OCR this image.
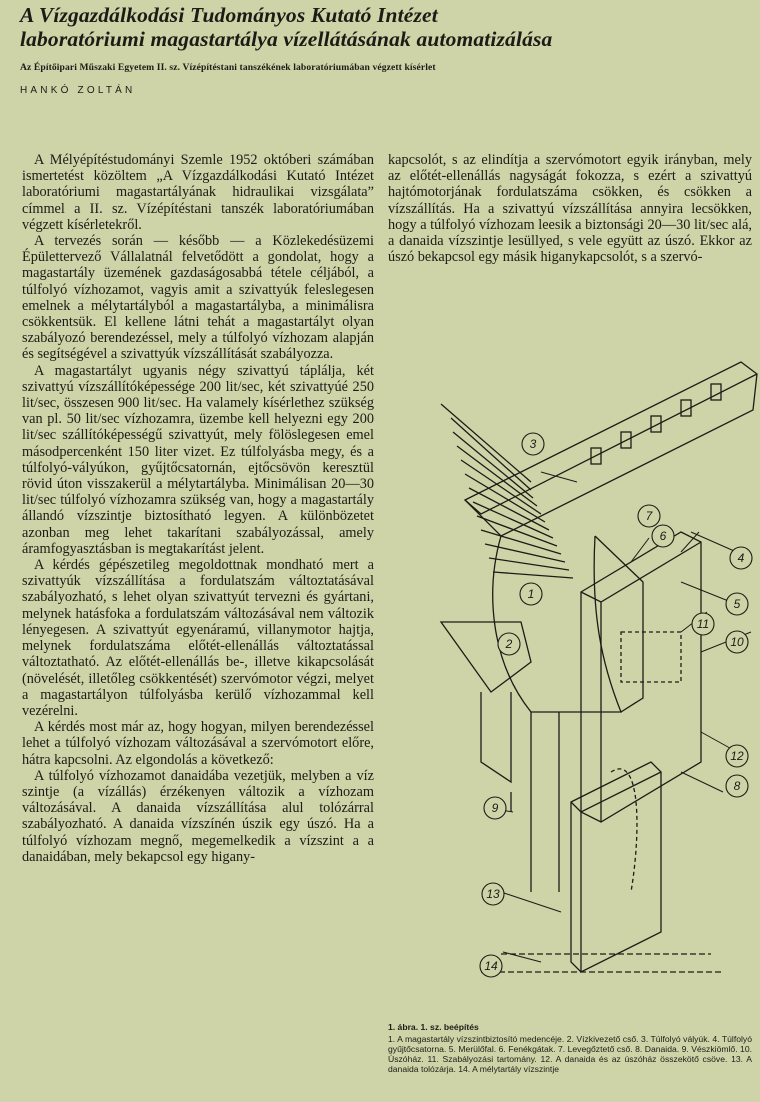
A Vízgazdálkodási Tudományos Kutató Intézet
laboratóriumi magastartálya vízellátásának automatizálása
Az Építőipari Műszaki Egyetem II. sz. Vízépítéstani tanszékének laboratóriumában végzett kísérlet
HANKÓ ZOLTÁN

A Mélyépítéstudományi Szemle 1952 októberi számában ismertetést közöltem „A Vízgazdálkodási Kutató Intézet laboratóriumi magastartályának hidraulikai vizsgálata” címmel a II. sz. Vízépítéstani tanszék laboratóriumában végzett kísérletekről.

A tervezés során — később — a Közlekedésüzemi Épülettervező Vállalatnál felvetődött a gondolat, hogy a magastartály üzemének gazdaságosabbá tétele céljából, a túlfolyó vízhozamot, vagyis amit a szivattyúk feleslegesen emelnek a mélytartályból a magastartályba, a minimálisra csökkentsük. El kellene látni tehát a magastartályt olyan szabályozó berendezéssel, mely a túlfolyó vízhozam alapján és segítségével a szivattyúk vízszállítását szabályozza.

A magastartályt ugyanis négy szivattyú táplálja, két szivattyú vízszállítóképessége 200 lit/sec, két szivattyúé 250 lit/sec, összesen 900 lit/sec. Ha valamely kísérlethez szükség van pl. 50 lit/sec vízhozamra, üzembe kell helyezni egy 200 lit/sec szállítóképességű szivattyút, mely fölöslegesen emel másodpercenként 150 liter vizet. Ez túlfolyásba megy, és a túlfolyó-vályúkon, gyűjtőcsatornán, ejtőcsövön keresztül rövid úton visszakerül a mélytartályba. Minimálisan 20—30 lit/sec túlfolyó vízhozamra szükség van, hogy a magastartály állandó vízszintje biztosítható legyen. A különbözetet azonban meg lehet takarítani szabályozással, amely áramfogyasztásban is megtakarítást jelent.

A kérdés gépészetileg megoldottnak mondható mert a szivattyúk vízszállítása a fordulatszám változtatásával szabályozható, s lehet olyan szivattyút tervezni és gyártani, melynek hatásfoka a fordulatszám változásával nem változik lényegesen. A szivattyút egyenáramú, villanymotor hajtja, melynek fordulatszáma előtét-ellenállás változtatással változtatható. Az előtét-ellenállás be-, illetve kikapcsolását (növelését, illetőleg csökkentését) szervómotor végzi, melyet a magastartályon túlfolyásba kerülő vízhozammal kell vezérelni.

A kérdés most már az, hogy hogyan, milyen berendezéssel lehet a túlfolyó vízhozam változásával a szervómotort előre, hátra kapcsolni. Az elgondolás a következő:

A túlfolyó vízhozamot danaidába vezetjük, melyben a víz szintje (a vízállás) érzékenyen változik a vízhozam változásával. A danaida vízszállítása alul tolózárral szabályozható. A danaida vízszínén úszik egy úszó. Ha a túlfolyó vízhozam megnő, megemelkedik a vízszint a a danaidában, mely bekapcsol egy higany-

kapcsolót, s az elindítja a szervómotort egyik irányban, mely az előtét-ellenállás nagyságát fokozza, s ezért a szivattyú hajtómotorjának fordulatszáma csökken, és csökken a vízszállítás. Ha a szivattyú vízszállítása annyira lecsökken, hogy a túlfolyó vízhozam leesik a biztonsági 20—30 lit/sec alá, a danaida vízszintje lesüllyed, s vele együtt az úszó. Ekkor az úszó bekapcsol egy másik higanykapcsolót, s a szervó-

1
2
3
4
5
6
7
8
9
10
11
12
13
14
1. ábra. 1. sz. beépítés
1. A magastartály vízszintbiztosító medencéje. 2. Vízkivezető cső. 3. Túlfolyó vályúk. 4. Túlfolyó gyűjtőcsatorna. 5. Merülőfal. 6. Fenékgátak. 7. Levegőztető cső. 8. Danaida. 9. Vészkiömlő. 10. Úszóház. 11. Szabályozási tartomány. 12. A danaida és az úszóház összekötő csöve. 13. A danaida tolózárja. 14. A mélytartály vízszintje
